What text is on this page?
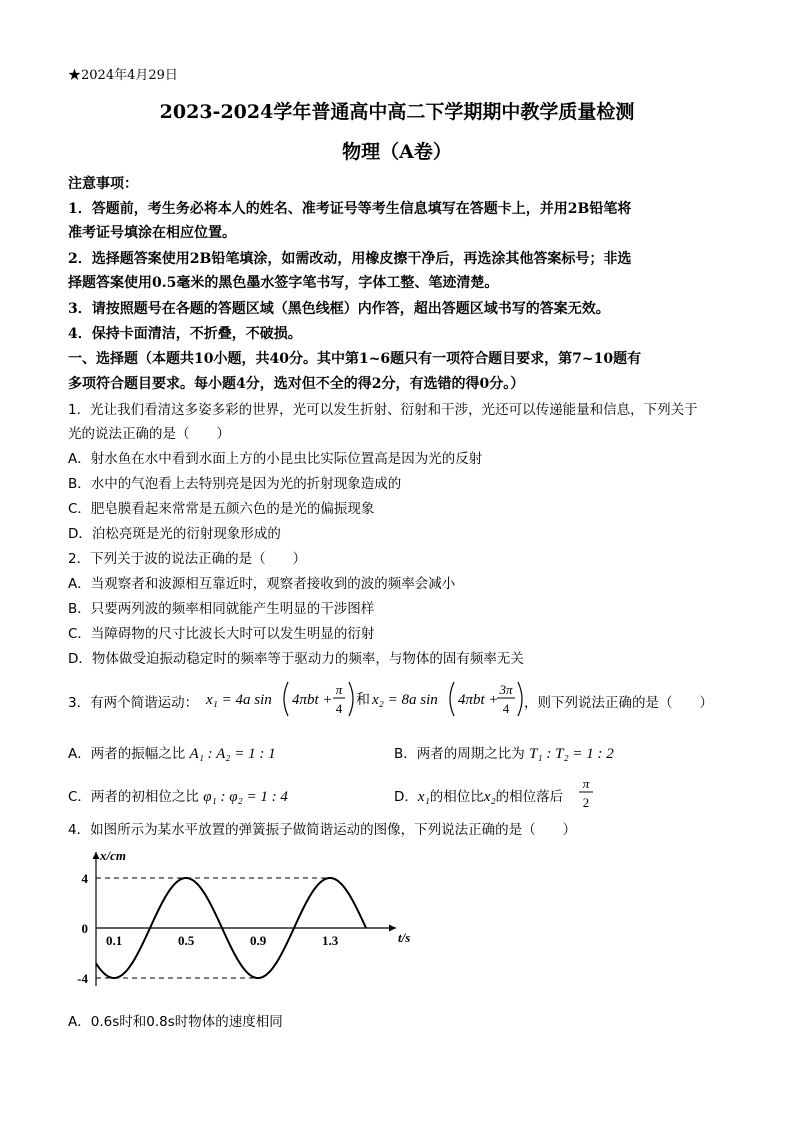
★2024年4月29日
2023-2024学年普通高中高二下学期期中教学质量检测
物理（A卷）
注意事项：
1．答题前，考生务必将本人的姓名、准考证号等考生信息填写在答题卡上，并用2B铅笔将
准考证号填涂在相应位置。
2．选择题答案使用2B铅笔填涂，如需改动，用橡皮擦干净后，再选涂其他答案标号；非选
择题答案使用0.5毫米的黑色墨水签字笔书写，字体工整、笔迹清楚。
3．请按照题号在各题的答题区域（黑色线框）内作答，超出答题区域书写的答案无效。
4．保持卡面清洁，不折叠，不破损。
一、选择题（本题共10小题，共40分。其中第1~6题只有一项符合题目要求，第7~10题有
多项符合题目要求。每小题4分，选对但不全的得2分，有选错的得0分。）
1．光让我们看清这多姿多彩的世界，光可以发生折射、衍射和干涉，光还可以传递能量和信息，下列关于
光的说法正确的是（　　）
A．射水鱼在水中看到水面上方的小昆虫比实际位置高是因为光的反射
B．水中的气泡看上去特别亮是因为光的折射现象造成的
C．肥皂膜看起来常常是五颜六色的是光的偏振现象
D．泊松亮斑是光的衍射现象形成的
2．下列关于波的说法正确的是（　　）
A．当观察者和波源相互靠近时，观察者接收到的波的频率会减小
B．只要两列波的频率相同就能产生明显的干涉图样
C．当障碍物的尺寸比波长大时可以发生明显的衍射
D．物体做受迫振动稳定时的频率等于驱动力的频率，与物体的固有频率无关
3．有两个简谐运动： x₁ = 4a sin 4πbt +
π
4
和 x₂ = 8a sin 4πbt +
3π
4 ，则下列说法正确的是（　　）
A．两者的振幅之比 A₁ : A₂ = 1 : 1	B．两者的周期之比为 T₁ : T₂ = 1 : 2
C．两者的初相位之比 φ₁ : φ₂ = 1 : 4	D．x₁的相位比x₂的相位落后
π
2
4．如图所示为某水平放置的弹簧振子做简谐运动的图像，下列说法正确的是（　　）
0.1	0.5	0.9	1.3
4
0
-4
x/cm
t/s
A．0.6s时和0.8s时物体的速度相同
